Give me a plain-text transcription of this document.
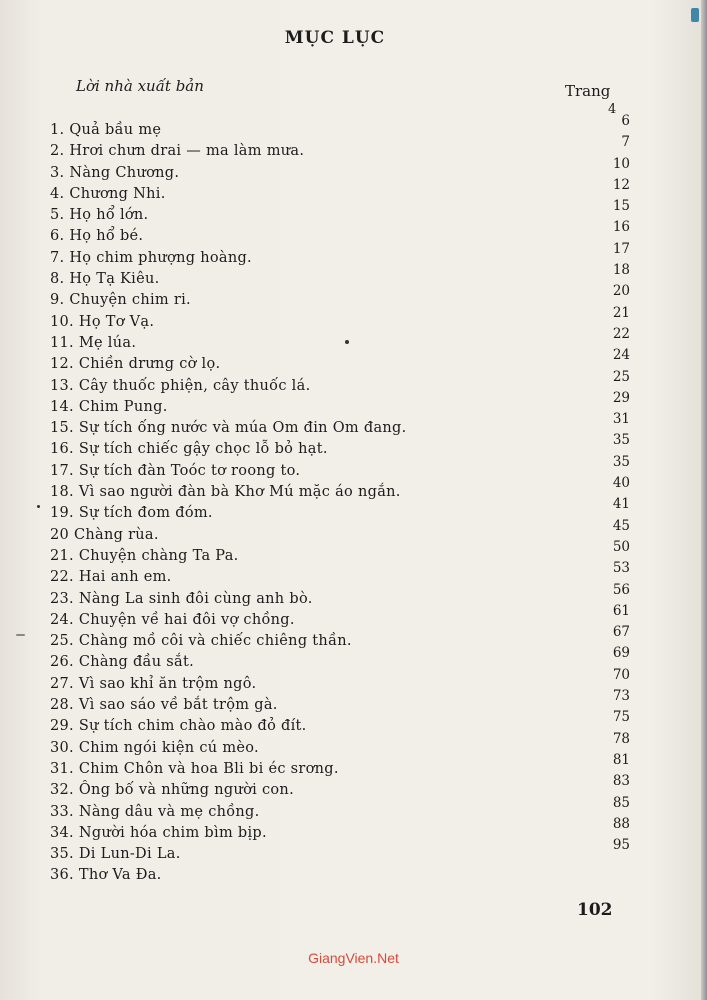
MỤC LỤC
Lời nhà xuất bản	Trang
4
1. Quả bầu mẹ
6
2. Hrơi chưn drai — ma làm mưa.
7
3. Nàng Chương.
10
4. Chương Nhi.
12
5. Họ hổ lớn.
15
6. Họ hổ bé.
16
7. Họ chim phượng hoàng.
17
8. Họ Tạ Kiêu.
18
9. Chuyện chim ri.
20
10. Họ Tơ Vạ.
21
11. Mẹ lúa.
22
12. Chiền drưng cờ lọ.
24
13. Cây thuốc phiện, cây thuốc lá.
25
14. Chim Pung.
29
15. Sự tích ống nước và múa Om đin Om đang.
31
16. Sự tích chiếc gậy chọc lỗ bỏ hạt.
35
17. Sự tích đàn Toóc tơ roong to.
35
18. Vì sao người đàn bà Khơ Mú mặc áo ngắn.
40
19. Sự tích đom đóm.
41
20 Chàng rùa.
45
21. Chuyện chàng Ta Pa.
50
22. Hai anh em.
53
23. Nàng La sinh đôi cùng anh bò.
56
24. Chuyện về hai đôi vợ chồng.
61
25. Chàng mồ côi và chiếc chiêng thần.
67
26. Chàng đầu sắt.
69
27. Vì sao khỉ ăn trộm ngô.
70
28. Vì sao sáo về bắt trộm gà.
73
29. Sự tích chim chào mào đỏ đít.
75
30. Chim ngói kiện cú mèo.
78
31. Chim Chôn và hoa Bli bi éc srơng.
81
32. Ông bố và những người con.
83
33. Nàng dâu và mẹ chồng.
85
34. Người hóa chim bìm bịp.
88
35. Di Lun-Di La.
95
36. Thơ Va Đa.
102
GiangVien.Net
